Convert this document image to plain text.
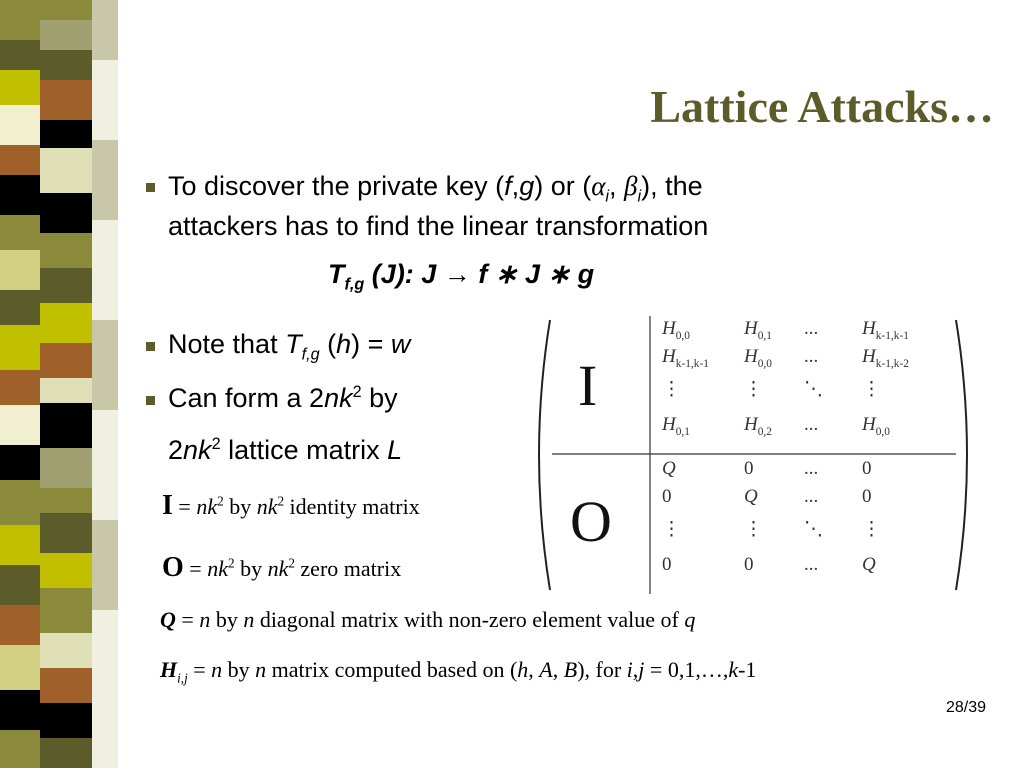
Lattice Attacks…
To discover the private key (f,g) or ($\alpha_i$, $\beta_i$), the
attackers has to find the linear transformation
$T_{f,g}$ (J): J → f ∗ J ∗ g
Note that $T_{f,g}$ (h) = w
Can form a $2nk^2$ by
$2nk^2$ lattice matrix L
$I = nk^2$ by $nk^2$ identity matrix
$O = nk^2$ by $nk^2$ zero matrix
Q = n by n diagonal matrix with non-zero element value of q
$H_{i,j} = n$ by n matrix computed based on (h, A, B), for i,j = 0,1,…,k-1
I
O
$H_{0,0}$	$H_{0,1}$ ... $H_{k-1,k-1}$
$H_{k-1,k-1}$ $H_{0,0}$ ... $H_{k-1,k-2}$
⋮	⋮ ⋱ ⋮
$H_{0,1}$	$H_{0,2}$ ... $H_{0,0}$
Q	0	... 0
0	Q ... 0
⋮	⋮ ⋱ ⋮
0	0	... Q
28/39
